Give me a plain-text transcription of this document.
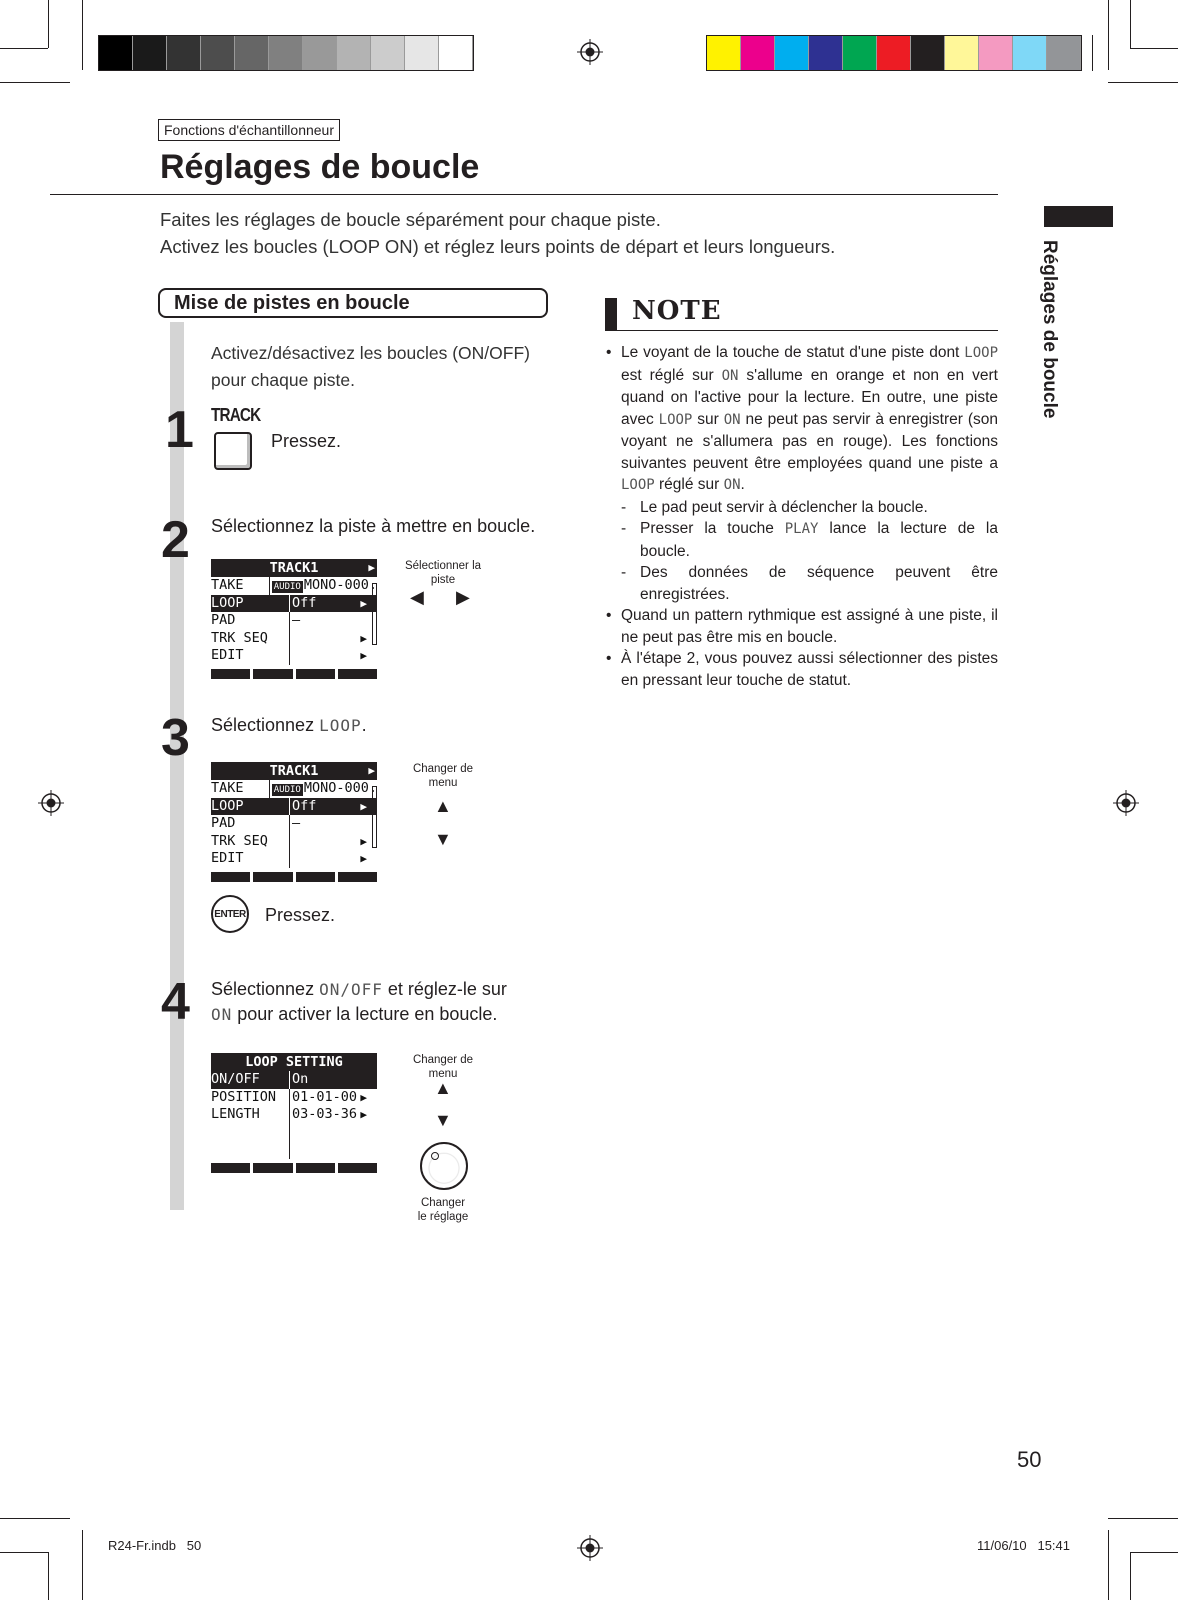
Fonctions d'échantillonneur
Réglages de boucle
Faites les réglages de boucle séparément pour chaque piste.
Activez les boucles (LOOP ON) et réglez leurs points de départ et leurs longueurs.	Réglages de boucle
Mise de pistes en boucle
Activez/désactivez les boucles (ON/OFF) pour chaque piste.
1 TRACK
Pressez.
2 Sélectionnez la piste à mettre en boucle.
TRACK1	▶
TAKE	AUDIO MONO-000.
LOOP	Off	▶
PAD	–
TRK SEQ	▶
EDIT	▶
Sélectionner la piste
◀ ▶
3 Sélectionnez LOOP.
TRACK1	▶
TAKE	AUDIO MONO-000.
LOOP	Off	▶
PAD	–
TRK SEQ	▶
EDIT	▶
Changer de menu
▲
▼
ENTER Pressez.
4 Sélectionnez ON/OFF et réglez-le sur
ON pour activer la lecture en boucle.
LOOP SETTING
ON/OFF	On
POSITION	01-01-00 ▶
LENGTH	03-03-36 ▶
Changer de menu
▲
▼
Changer
le réglage
NOTE

• Le voyant de la touche de statut d'une piste dont LOOP est réglé sur ON s'allume en orange et non en vert quand on l'active pour la lecture. En outre, une piste avec LOOP sur ON ne peut pas servir à enregistrer (son voyant ne s'allumera pas en rouge). Les fonctions suivantes peuvent être employées quand une piste a LOOP réglé sur ON.

- Le pad peut servir à déclencher la boucle.

- Presser la touche PLAY lance la lecture de la boucle.

- Des données de séquence peuvent être enregistrées.

• Quand un pattern rythmique est assigné à une piste, il ne peut pas être mis en boucle.

• À l'étape 2, vous pouvez aussi sélectionner des pistes en pressant leur touche de statut.

50
R24-Fr.indb   50	11/06/10   15:41
